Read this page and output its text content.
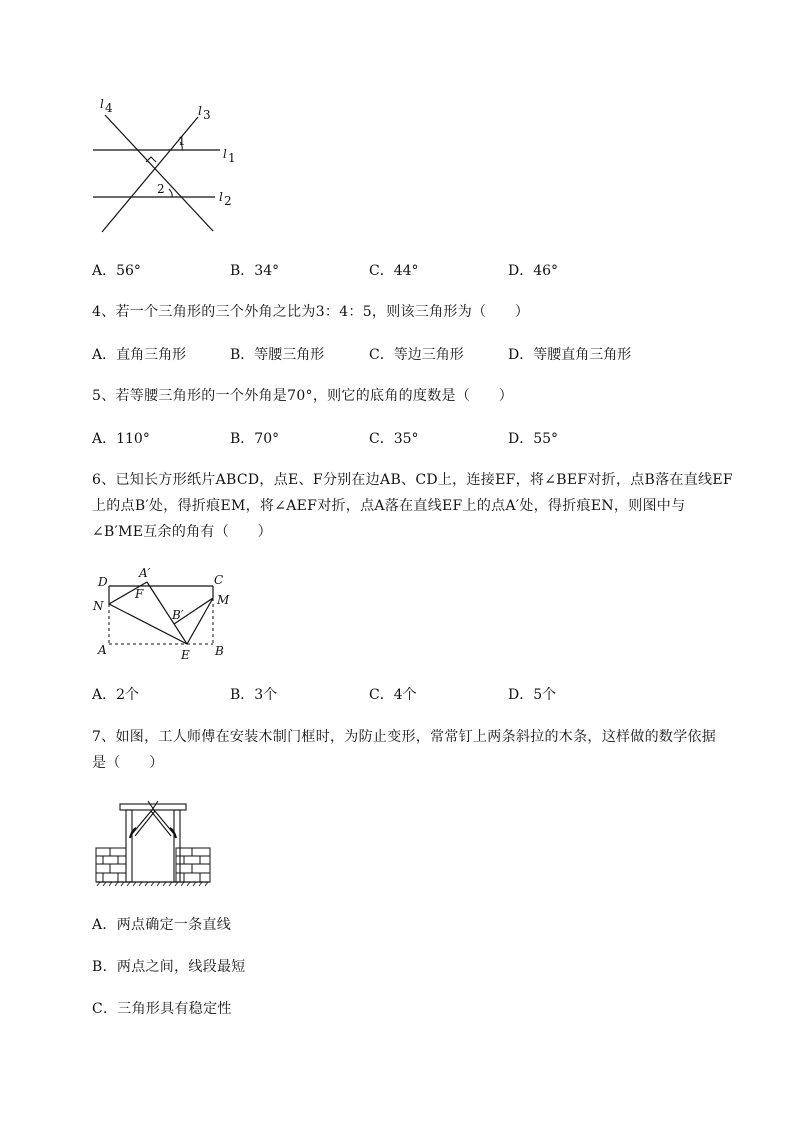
l 4	l 3
l 1
l 2
1
2
A．56°	B．34°	C．44°	D．46°
4、若一个三角形的三个外角之比为3：4：5，则该三角形为（　　）
A．直角三角形	B．等腰三角形	C．等边三角形	D．等腰直角三角形
5、若等腰三角形的一个外角是70°，则它的底角的度数是（　　）
A．110°	B．70°	C．35°	D．55°
6、已知长方形纸片ABCD，点E、F分别在边AB、CD上，连接EF，将∠BEF对折，点B落在直线EF
上的点B′处，得折痕EM，将∠AEF对折，点A落在直线EF上的点A′处，得折痕EN，则图中与
∠B′ME互余的角有（　　）
D
A′	C
F
N	M
B′
A	E B
A．2个	B．3个	C．4个	D．5个
7、如图，工人师傅在安装木制门框时，为防止变形，常常钉上两条斜拉的木条，这样做的数学依据
是（　　）
A．两点确定一条直线
B．两点之间，线段最短
C．三角形具有稳定性
